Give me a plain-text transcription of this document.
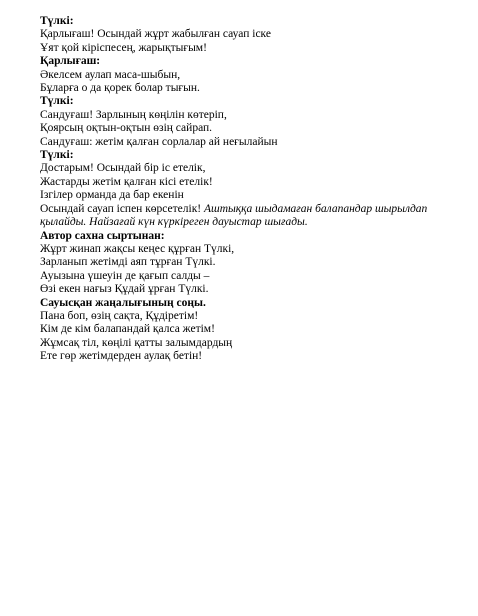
Түлкі:
Қарлығаш! Осындай жұрт жабылған сауап іске
Ұят қой кіріспесең, жарықтығым!
Қарлығаш:
Әкелсем аулап маса-шыбын,
Бұларға о да қорек болар тығын.
Түлкі:
Сандуғаш! Зарлының көңілін көтеріп,
Қоярсың оқтын-оқтын өзің сайрап.
Сандуғаш: жетім қалған сорлалар ай неғылайын
Түлкі:
Достарым! Осындай бір іс етелік,
Жастарды жетім қалған кісі етелік!
Ізгілер орманда да бар екенін
Осындай сауап іспен көрсетелік! Аштыққа шыдамаған балапандар шырылдап қылайды. Найзағай күн күркіреген дауыстар шығады.
Автор сахна сыртынан:
Жұрт жинап жақсы кеңес құрған Түлкі,
Зарланып жетімді аяп тұрған Түлкі.
Ауызына үшеуін де қағып салды –
Өзі екен нағыз Құдай ұрған Түлкі.
Сауысқан жаңалығының соңы.
Пана боп, өзің сақта, Құдіретім!
Кім де кім балапандай қалса жетім!
Жұмсақ тіл, көңілі қатты залымдардың
Ете гөр жетімдерден аулақ бетін!
